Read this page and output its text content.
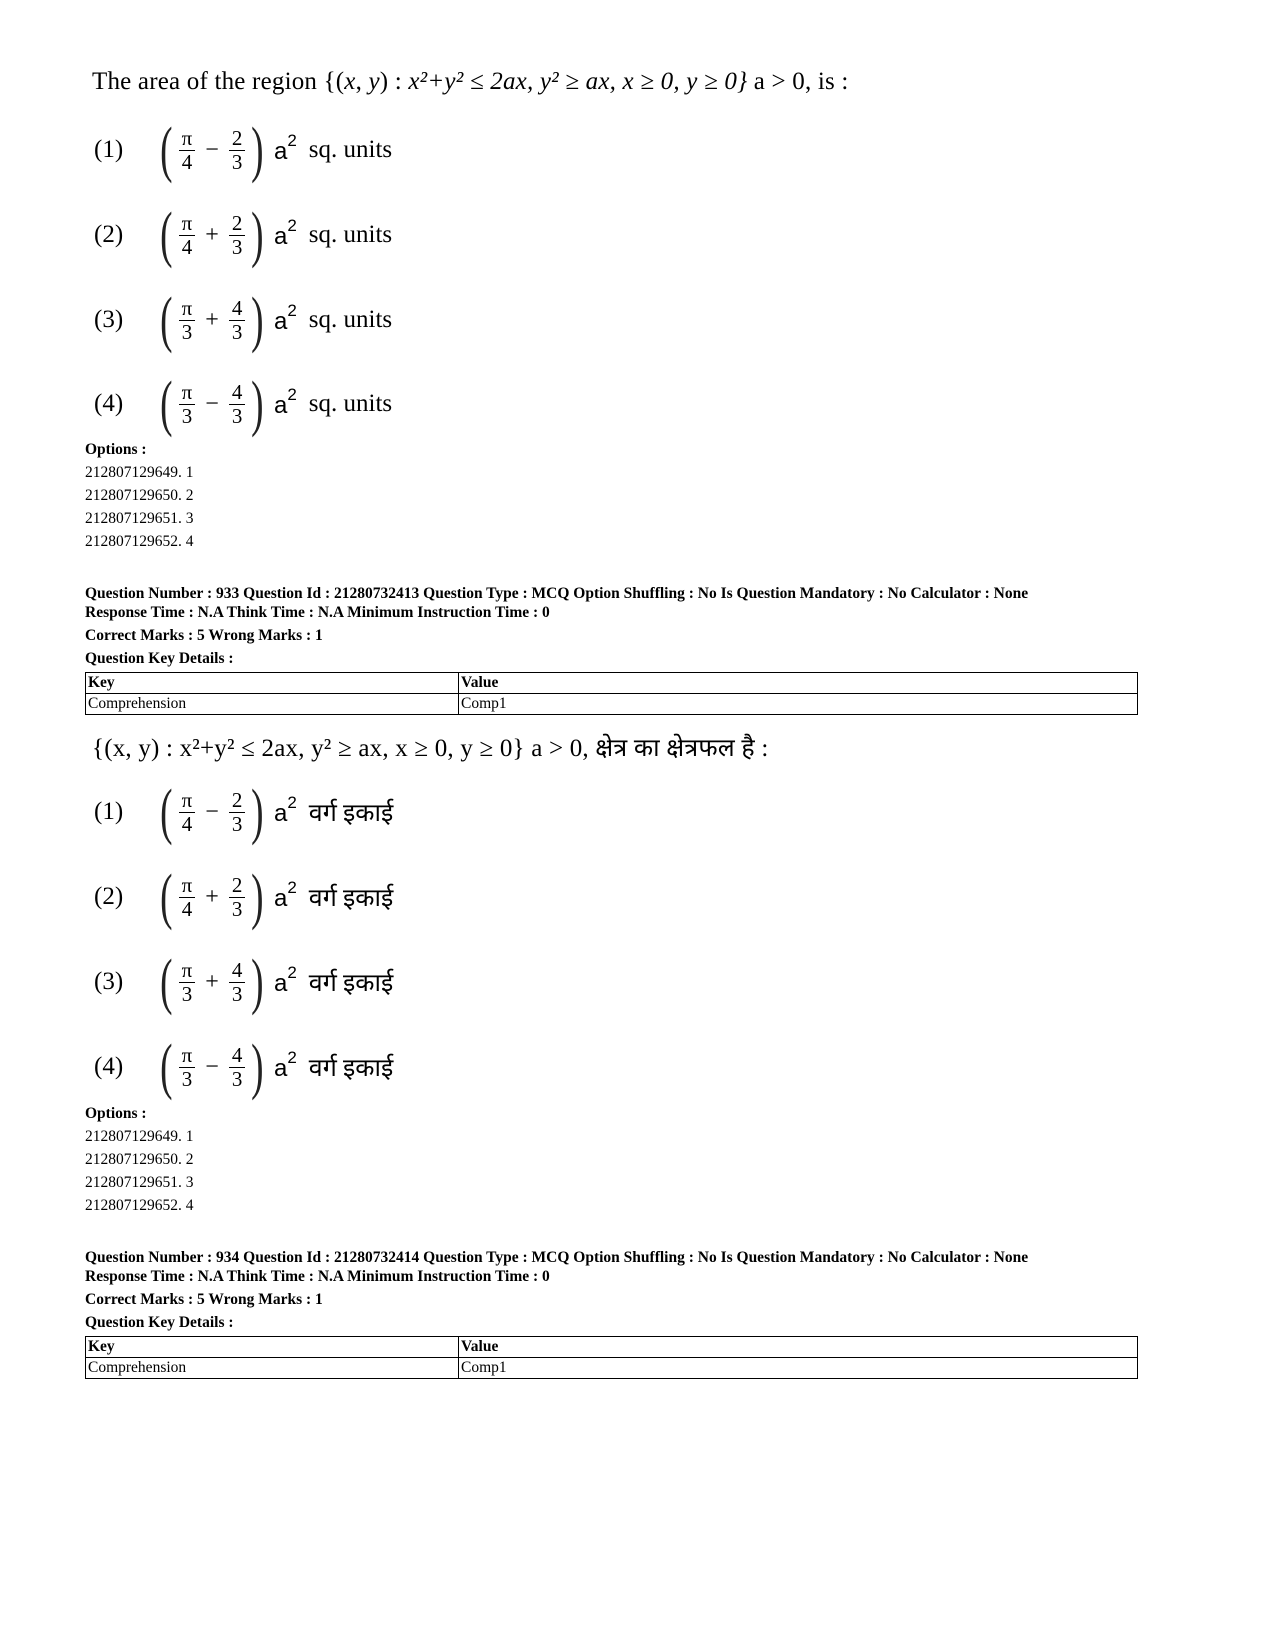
The area of the region {(x, y) : x²+y² ≤ 2ax, y² ≥ ax, x ≥ 0, y ≥ 0} a > 0, is :
(1) ( $\frac{\pi}{4} - \frac{2}{3}$ ) $a^2$ sq. units
(2) ( $\frac{\pi}{4} + \frac{2}{3}$ ) $a^2$ sq. units
(3) ( $\frac{\pi}{3} + \frac{4}{3}$ ) $a^2$ sq. units
(4) ( $\frac{\pi}{3} - \frac{4}{3}$ ) $a^2$ sq. units
Options :
212807129649. 1
212807129650. 2
212807129651. 3
212807129652. 4
Question Number : 933 Question Id : 21280732413 Question Type : MCQ Option Shuffling : No Is Question Mandatory : No Calculator : None
Response Time : N.A Think Time : N.A Minimum Instruction Time : 0
Correct Marks : 5 Wrong Marks : 1
Question Key Details :
Key	Value
Comprehension	Comp1
{(x, y) : x²+y² ≤ 2ax, y² ≥ ax, x ≥ 0, y ≥ 0} a > 0, क्षेत्र का क्षेत्रफल है :
(1) ( $\frac{\pi}{4} - \frac{2}{3}$ ) $a^2$ वर्ग इकाई
(2) ( $\frac{\pi}{4} + \frac{2}{3}$ ) $a^2$ वर्ग इकाई
(3) ( $\frac{\pi}{3} + \frac{4}{3}$ ) $a^2$ वर्ग इकाई
(4) ( $\frac{\pi}{3} - \frac{4}{3}$ ) $a^2$ वर्ग इकाई
Options :
212807129649. 1
212807129650. 2
212807129651. 3
212807129652. 4
Question Number : 934 Question Id : 21280732414 Question Type : MCQ Option Shuffling : No Is Question Mandatory : No Calculator : None
Response Time : N.A Think Time : N.A Minimum Instruction Time : 0
Correct Marks : 5 Wrong Marks : 1
Question Key Details :
Key	Value
Comprehension	Comp1
